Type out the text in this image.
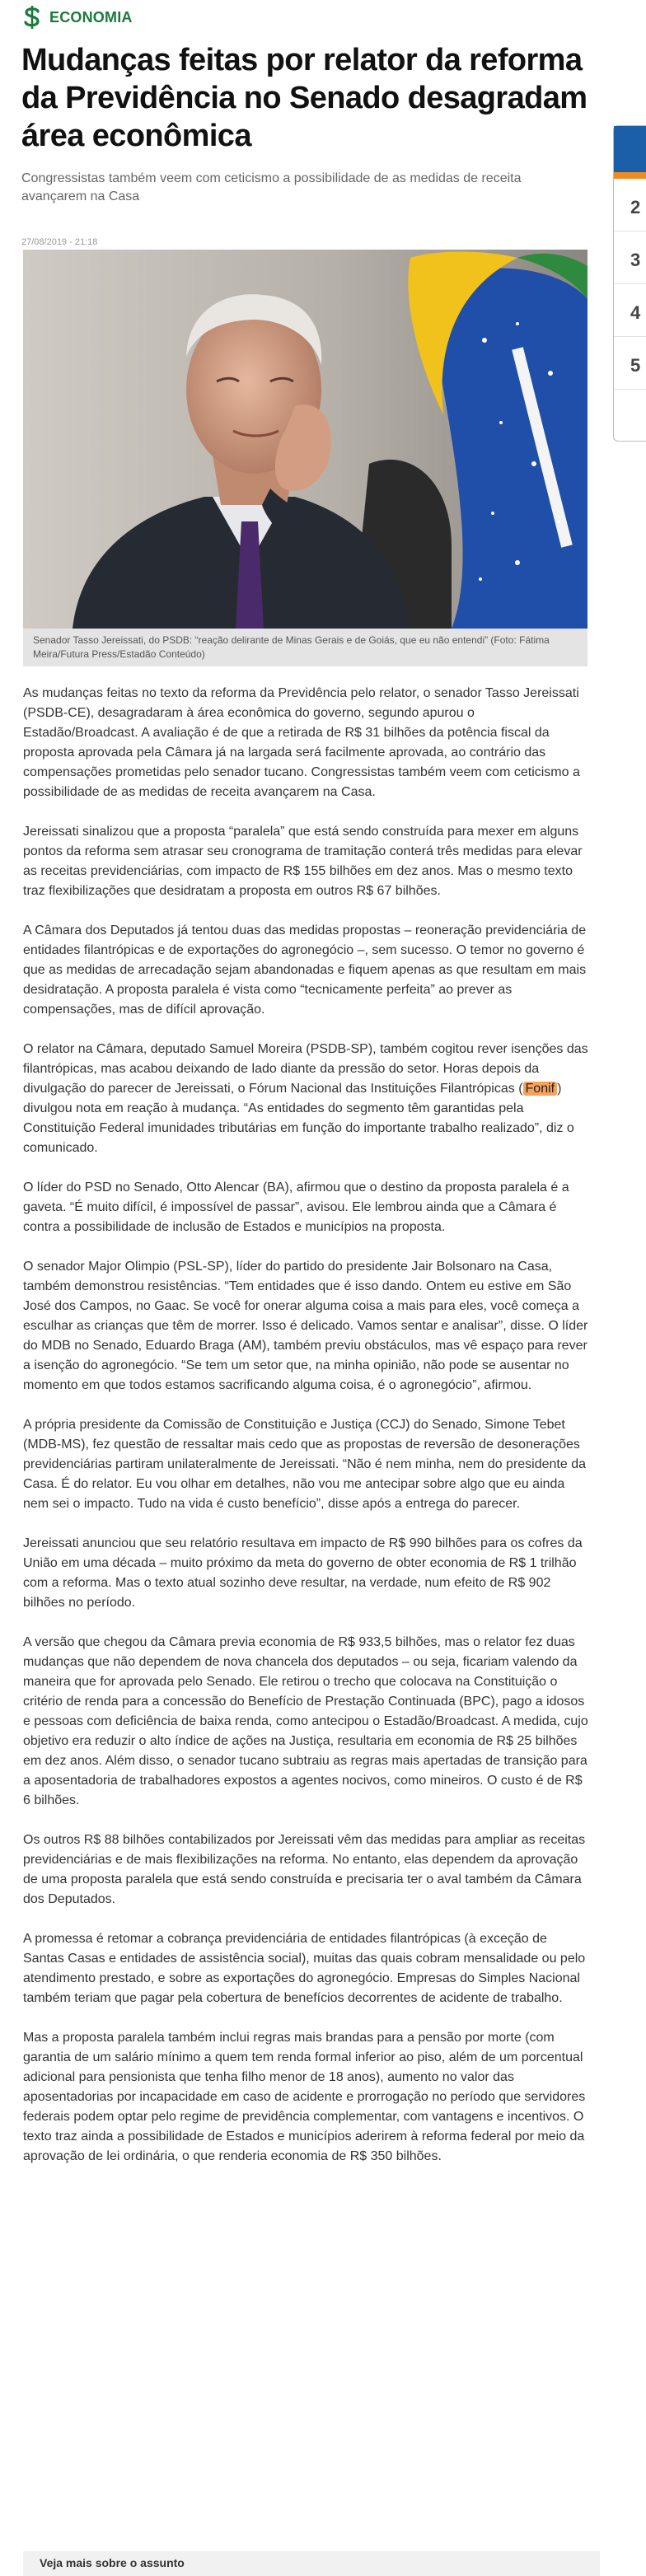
ECONOMIA
Mudanças feitas por relator da reforma da Previdência no Senado desagradam área econômica
Congressistas também veem com ceticismo a possibilidade de as medidas de receita avançarem na Casa
27/08/2019 - 21:18
Senador Tasso Jereissati, do PSDB: “reação delirante de Minas Gerais e de Goiás, que eu não entendi” (Foto: Fátima Meira/Futura Press/Estadão Conteúdo)

As mudanças feitas no texto da reforma da Previdência pelo relator, o senador Tasso Jereissati (PSDB-CE), desagradaram à área econômica do governo, segundo apurou o Estadão/Broadcast. A avaliação é de que a retirada de R$ 31 bilhões da potência fiscal da proposta aprovada pela Câmara já na largada será facilmente aprovada, ao contrário das compensações prometidas pelo senador tucano. Congressistas também veem com ceticismo a possibilidade de as medidas de receita avançarem na Casa.

Jereissati sinalizou que a proposta “paralela” que está sendo construída para mexer em alguns pontos da reforma sem atrasar seu cronograma de tramitação conterá três medidas para elevar as receitas previdenciárias, com impacto de R$ 155 bilhões em dez anos. Mas o mesmo texto traz flexibilizações que desidratam a proposta em outros R$ 67 bilhões.

A Câmara dos Deputados já tentou duas das medidas propostas – reoneração previdenciária de entidades filantrópicas e de exportações do agronegócio –, sem sucesso. O temor no governo é que as medidas de arrecadação sejam abandonadas e fiquem apenas as que resultam em mais desidratação. A proposta paralela é vista como “tecnicamente perfeita” ao prever as compensações, mas de difícil aprovação.

O relator na Câmara, deputado Samuel Moreira (PSDB-SP), também cogitou rever isenções das filantrópicas, mas acabou deixando de lado diante da pressão do setor. Horas depois da divulgação do parecer de Jereissati, o Fórum Nacional das Instituições Filantrópicas ( Fonif ) divulgou nota em reação à mudança. “As entidades do segmento têm garantidas pela Constituição Federal imunidades tributárias em função do importante trabalho realizado”, diz o comunicado.

O líder do PSD no Senado, Otto Alencar (BA), afirmou que o destino da proposta paralela é a gaveta. “É muito difícil, é impossível de passar”, avisou. Ele lembrou ainda que a Câmara é contra a possibilidade de inclusão de Estados e municípios na proposta.

O senador Major Olimpio (PSL-SP), líder do partido do presidente Jair Bolsonaro na Casa, também demonstrou resistências. “Tem entidades que é isso dando. Ontem eu estive em São José dos Campos, no Gaac. Se você for onerar alguma coisa a mais para eles, você começa a esculhar as crianças que têm de morrer. Isso é delicado. Vamos sentar e analisar”, disse. O líder do MDB no Senado, Eduardo Braga (AM), também previu obstáculos, mas vê espaço para rever a isenção do agronegócio. “Se tem um setor que, na minha opinião, não pode se ausentar no momento em que todos estamos sacrificando alguma coisa, é o agronegócio”, afirmou.

A própria presidente da Comissão de Constituição e Justiça (CCJ) do Senado, Simone Tebet (MDB-MS), fez questão de ressaltar mais cedo que as propostas de reversão de desonerações previdenciárias partiram unilateralmente de Jereissati. “Não é nem minha, nem do presidente da Casa. É do relator. Eu vou olhar em detalhes, não vou me antecipar sobre algo que eu ainda nem sei o impacto. Tudo na vida é custo benefício”, disse após a entrega do parecer.

Jereissati anunciou que seu relatório resultava em impacto de R$ 990 bilhões para os cofres da União em uma década – muito próximo da meta do governo de obter economia de R$ 1 trilhão com a reforma. Mas o texto atual sozinho deve resultar, na verdade, num efeito de R$ 902 bilhões no período.

A versão que chegou da Câmara previa economia de R$ 933,5 bilhões, mas o relator fez duas mudanças que não dependem de nova chancela dos deputados – ou seja, ficariam valendo da maneira que for aprovada pelo Senado. Ele retirou o trecho que colocava na Constituição o critério de renda para a concessão do Benefício de Prestação Continuada (BPC), pago a idosos e pessoas com deficiência de baixa renda, como antecipou o Estadão/Broadcast. A medida, cujo objetivo era reduzir o alto índice de ações na Justiça, resultaria em economia de R$ 25 bilhões em dez anos. Além disso, o senador tucano subtraiu as regras mais apertadas de transição para a aposentadoria de trabalhadores expostos a agentes nocivos, como mineiros. O custo é de R$ 6 bilhões.

Os outros R$ 88 bilhões contabilizados por Jereissati vêm das medidas para ampliar as receitas previdenciárias e de mais flexibilizações na reforma. No entanto, elas dependem da aprovação de uma proposta paralela que está sendo construída e precisaria ter o aval também da Câmara dos Deputados.

A promessa é retomar a cobrança previdenciária de entidades filantrópicas (à exceção de Santas Casas e entidades de assistência social), muitas das quais cobram mensalidade ou pelo atendimento prestado, e sobre as exportações do agronegócio. Empresas do Simples Nacional também teriam que pagar pela cobertura de benefícios decorrentes de acidente de trabalho.

Mas a proposta paralela também inclui regras mais brandas para a pensão por morte (com garantia de um salário mínimo a quem tem renda formal inferior ao piso, além de um porcentual adicional para pensionista que tenha filho menor de 18 anos), aumento no valor das aposentadorias por incapacidade em caso de acidente e prorrogação no período que servidores federais podem optar pelo regime de previdência complementar, com vantagens e incentivos. O texto traz ainda a possibilidade de Estados e municípios aderirem à reforma federal por meio da aprovação de lei ordinária, o que renderia economia de R$ 350 bilhões.

Veja mais sobre o assunto
2
3
4
5
